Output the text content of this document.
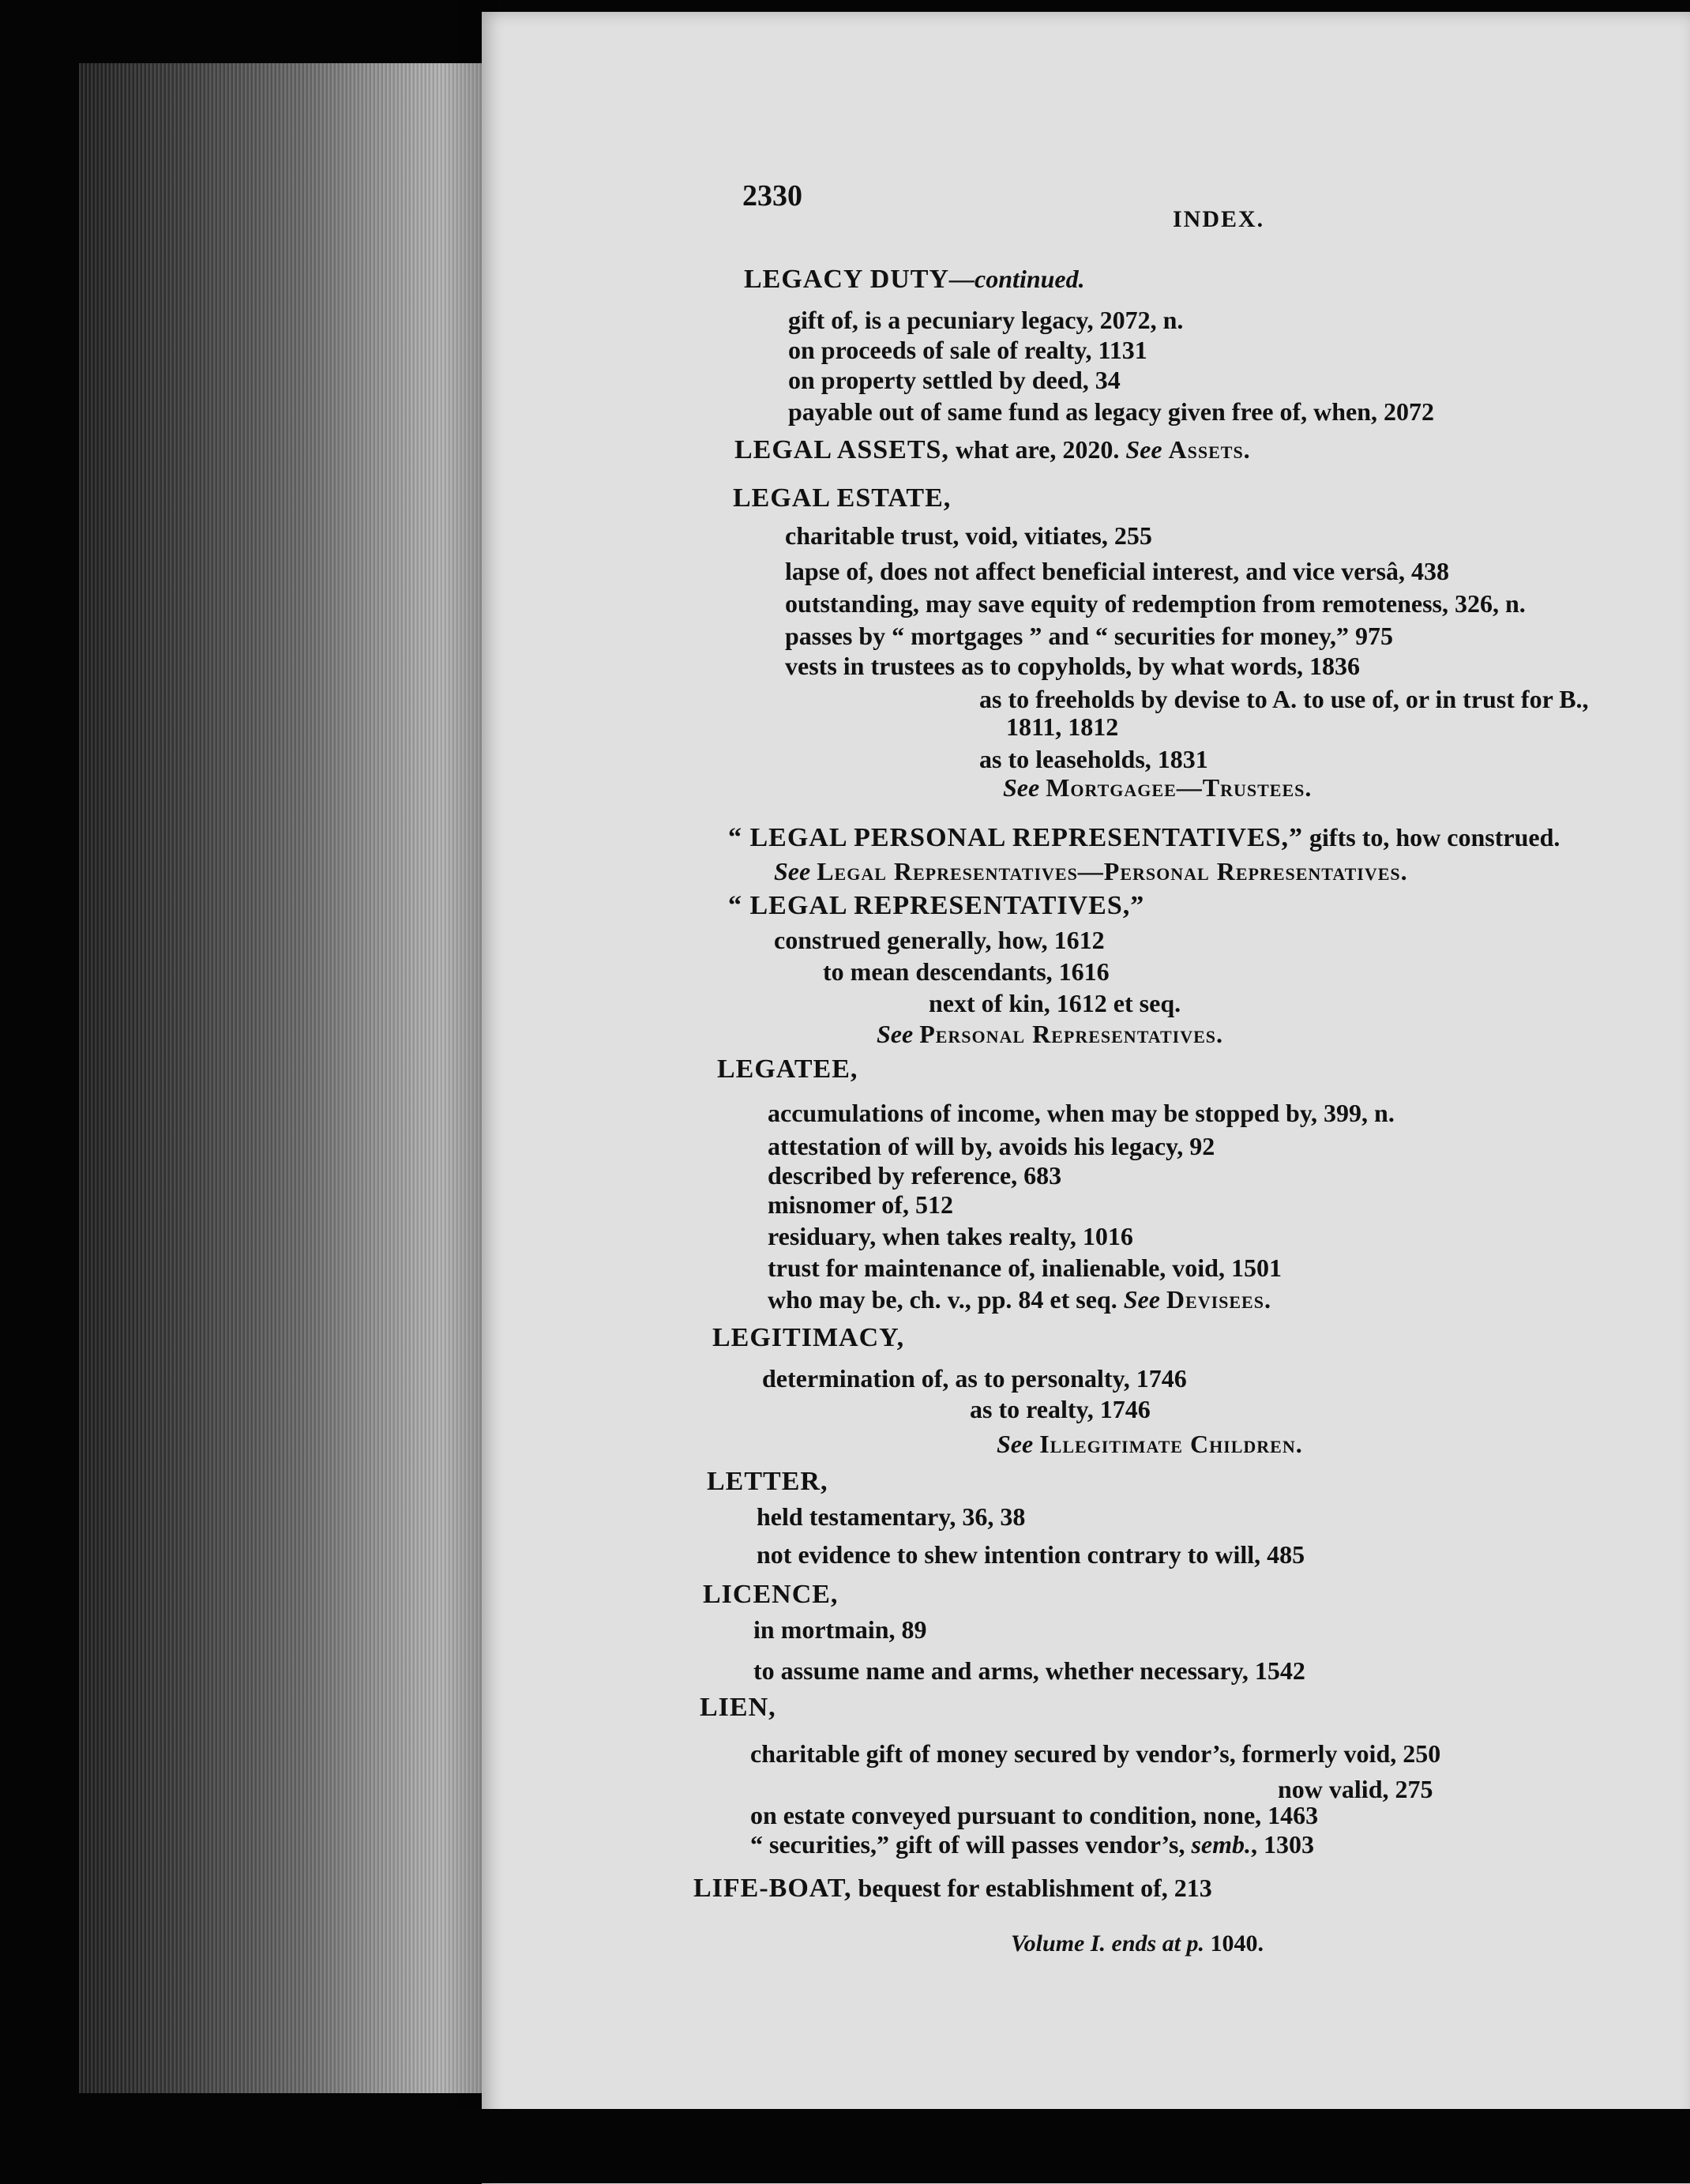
2330
INDEX.
LEGACY DUTY—continued.
gift of, is a pecuniary legacy, 2072, n.
on proceeds of sale of realty, 1131
on property settled by deed, 34
payable out of same fund as legacy given free of, when, 2072
LEGAL ASSETS, what are, 2020. See Assets.
LEGAL ESTATE,
charitable trust, void, vitiates, 255
lapse of, does not affect beneficial interest, and vice versâ, 438
outstanding, may save equity of redemption from remoteness, 326, n.
passes by “ mortgages ” and “ securities for money,” 975
vests in trustees as to copyholds, by what words, 1836
as to freeholds by devise to A. to use of, or in trust for B.,
1811, 1812
as to leaseholds, 1831
See Mortgagee—Trustees.
“ LEGAL PERSONAL REPRESENTATIVES,” gifts to, how construed.
See Legal Representatives—Personal Representatives.
“ LEGAL REPRESENTATIVES,”
construed generally, how, 1612
to mean descendants, 1616
next of kin, 1612 et seq.
See Personal Representatives.
LEGATEE,
accumulations of income, when may be stopped by, 399, n.
attestation of will by, avoids his legacy, 92
described by reference, 683
misnomer of, 512
residuary, when takes realty, 1016
trust for maintenance of, inalienable, void, 1501
who may be, ch. v., pp. 84 et seq. See Devisees.
LEGITIMACY,
determination of, as to personalty, 1746
as to realty, 1746
See Illegitimate Children.
LETTER,
held testamentary, 36, 38
not evidence to shew intention contrary to will, 485
LICENCE,
in mortmain, 89
to assume name and arms, whether necessary, 1542
LIEN,
charitable gift of money secured by vendor’s, formerly void, 250
now valid, 275
on estate conveyed pursuant to condition, none, 1463
“ securities,” gift of will passes vendor’s, semb., 1303
LIFE-BOAT, bequest for establishment of, 213
Volume I. ends at p. 1040.
